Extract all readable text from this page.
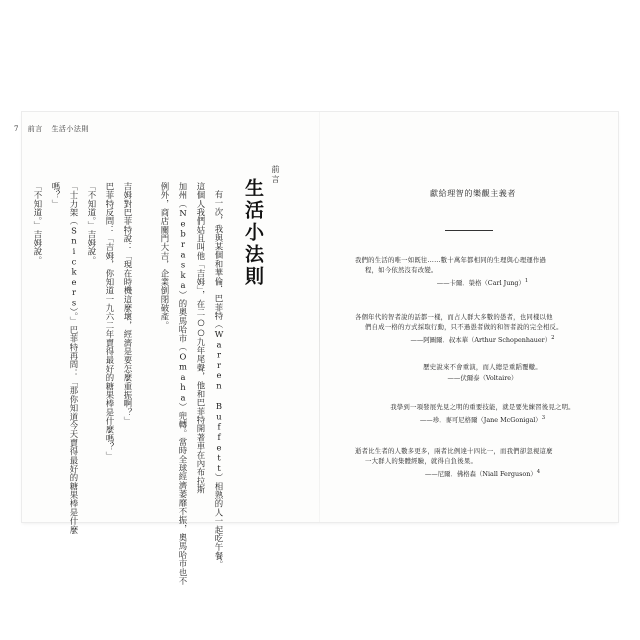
7 前言 生活小法則
前言
生活小法則
有一次，我與某個和華倫．巴菲特（Warren Buffett）相熟的人一起吃午餐。
這個人我們姑且叫他「吉姆」，在二○○九年尾聲，他和巴菲特開著車在內布拉斯
加州（Nebraska）的奧馬哈市（Omaha）兜轉。當時全球經濟萎靡不振，奧馬哈市也不
例外，商店關門大吉，企業倒閉破產。
吉姆對巴菲特說：「現在時機這麼壞，經濟是要怎麼重振啊？」
巴菲特反問：「吉姆，你知道一九六二年賣得最好的糖果棒是什麼嗎？」
「不知道。」吉姆說。
「士力架（Snickers）。」巴菲特再問：「那你知道今天賣得最好的糖果棒是什麼
嗎？」
「不知道。」吉姆說。	獻給理智的樂觀主義者
我們的生活的唯一如既往……數十萬年都相同的生理與心理運作過
程，如今依然沒有改變。
——卡爾．榮格（Carl Jung）$^1$
各個年代的智者說的話都一樣，而占人群大多數的愚者，也同樣以他
們自成一格的方式採取行動，只不過愚者做的和智者說的完全相反。
——阿圖爾．叔本華（Arthur Schopenhauer）$^2$
歷史說來不會重演，而人總是重蹈覆轍。
——伏爾泰（Voltaire）
我學到一項發展先見之明的重要技能，就是要先練習後見之明。
——珍．麥可尼格爾（Jane McGonigal）$^3$
逝者比生者的人數多更多，兩者比例達十四比一，而我們卻忽視這麼
一大群人的集體經驗，就得自負後果。
——尼爾．佛格森（Niall Ferguson）$^4$
